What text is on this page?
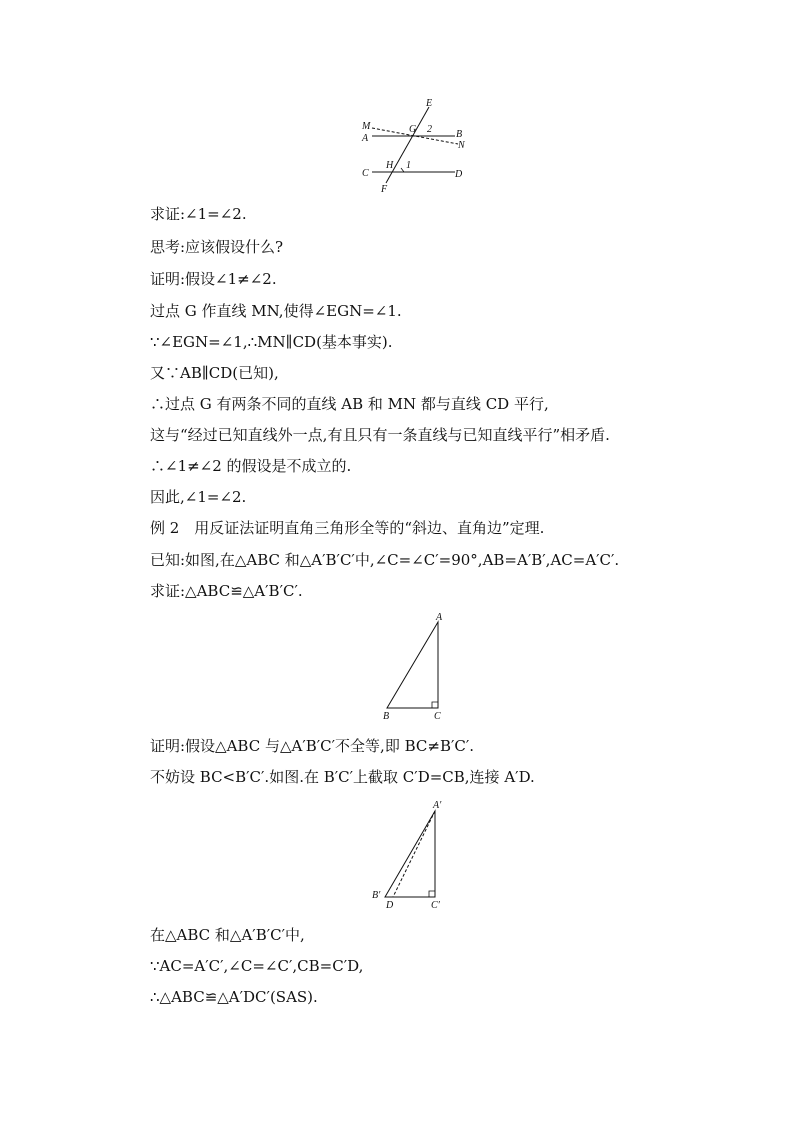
E
M	G 2 B
A
N
C
H 1
D
F
求证:∠1=∠2.
思考:应该假设什么?
证明:假设∠1≠∠2.
过点 G 作直线 MN,使得∠EGN=∠1.
∵∠EGN=∠1,∴MN∥CD(基本事实).
又∵AB∥CD(已知),
∴过点 G 有两条不同的直线 AB 和 MN 都与直线 CD 平行,
这与“经过已知直线外一点,有且只有一条直线与已知直线平行”相矛盾.
∴∠1≠∠2 的假设是不成立的.
因此,∠1=∠2.
例 2　用反证法证明直角三角形全等的“斜边、直角边”定理.
已知:如图,在△ABC 和△A′B′C′中,∠C=∠C′=90°,AB=A′B′,AC=A′C′.
求证:△ABC≌△A′B′C′.
A
B	C
证明:假设△ABC 与△A′B′C′不全等,即 BC≠B′C′.
不妨设 BC<B′C′.如图.在 B′C′上截取 C′D=CB,连接 A′D.
A′
B′
D	C′
在△ABC 和△A′B′C′中,
∵AC=A′C′,∠C=∠C′,CB=C′D,
∴△ABC≌△A′DC′(SAS).
